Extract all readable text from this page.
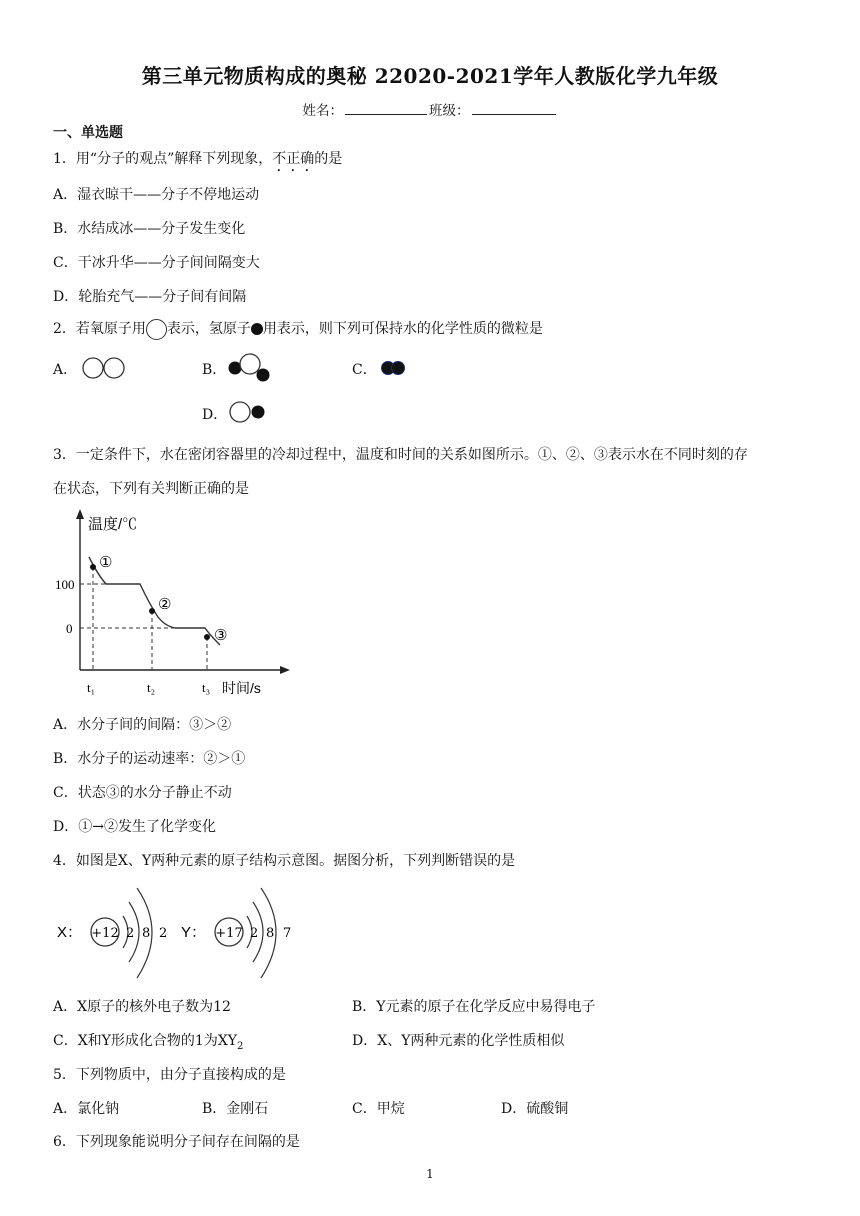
第三单元物质构成的奥秘 22020-2021学年人教版化学九年级
姓名：	班级：
一、单选题
1．用“分子的观点”解释下列现象，不正确的是
A．湿衣晾干——分子不停地运动
B．水结成冰——分子发生变化
C．干冰升华——分子间间隔变大
D．轮胎充气——分子间有间隔
2．若氧原子用 表示，氢原子 用表示，则下列可保持水的化学性质的微粒是
A．	B．	C．
D．
3．一定条件下，水在密闭容器里的冷却过程中，温度和时间的关系如图所示。①、②、③表示水在不同时刻的存
在状态，下列有关判断正确的是
温度/℃
时间/s
100
0
t₁	t₂	t₃
①
②
③
A．水分子间的间隔：③＞②
B．水分子的运动速率：②＞①
C．状态③的水分子静止不动
D．①→②发生了化学变化
4．如图是X、Y两种元素的原子结构示意图。据图分析，下列判断错误的是
X： +12 2 8 2 Y： +17 2 8 7
A．X原子的核外电子数为12	B．Y元素的原子在化学反应中易得电子
C．X和Y形成化合物的1为$XY_2$	D．X、Y两种元素的化学性质相似
5．下列物质中，由分子直接构成的是
A．氯化钠	B．金刚石	C．甲烷	D．硫酸铜
6．下列现象能说明分子间存在间隔的是
1
